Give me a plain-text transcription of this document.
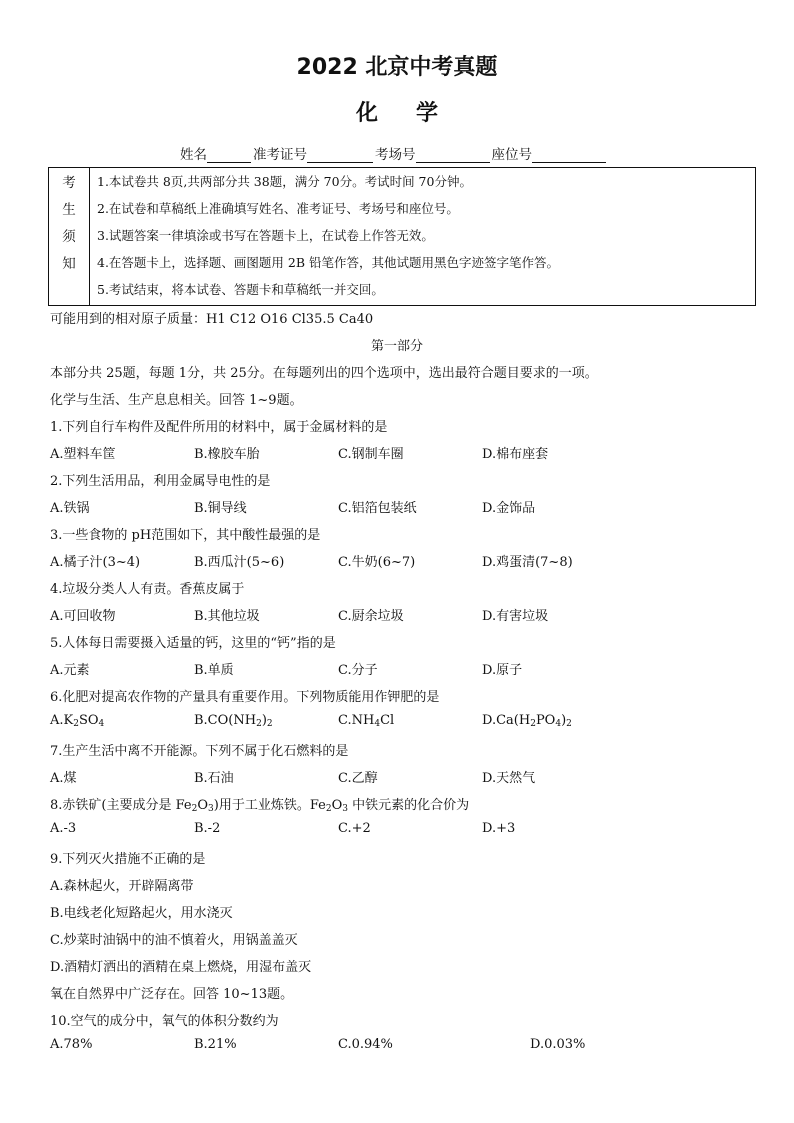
2022 北京中考真题
化学
姓名	准考证号	考场号	座位号
考
生
须
知
1.本试卷共 8页,共两部分共 38题，满分 70分。考试时间 70分钟。
2.在试卷和草稿纸上准确填写姓名、准考证号、考场号和座位号。
3.试题答案一律填涂或书写在答题卡上，在试卷上作答无效。
4.在答题卡上，选择题、画图题用 2B 铅笔作答，其他试题用黑色字迹签字笔作答。
5.考试结束，将本试卷、答题卡和草稿纸一并交回。
可能用到的相对原子质量：H1 C12 O16 Cl35.5 Ca40
第一部分
本部分共 25题，每题 1分，共 25分。在每题列出的四个选项中，选出最符合题目要求的一项。
化学与生活、生产息息相关。回答 1~9题。
1.下列自行车构件及配件所用的材料中，属于金属材料的是
A.塑料车筐	B.橡胶车胎	C.钢制车圈	D.棉布座套
2.下列生活用品，利用金属导电性的是
A.铁锅	B.铜导线	C.铝箔包装纸	D.金饰品
3.一些食物的 pH范围如下，其中酸性最强的是
A.橘子汁(3~4)	B.西瓜汁(5~6)	C.牛奶(6~7)	D.鸡蛋清(7~8)
4.垃圾分类人人有责。香蕉皮属于
A.可回收物	B.其他垃圾	C.厨余垃圾	D.有害垃圾
5.人体每日需要摄入适量的钙，这里的“钙”指的是
A.元素	B.单质	C.分子	D.原子
6.化肥对提高农作物的产量具有重要作用。下列物质能用作钾肥的是
$A.K_2SO_4$	$B.CO(NH_2)_2$	$C.NH_4Cl$	$D.Ca(H_2PO_4)_2$
7.生产生活中离不开能源。下列不属于化石燃料的是
A.煤	B.石油	C.乙醇	D.天然气
8.赤铁矿(主要成分是 $Fe_2O_3$)用于工业炼铁。$Fe_2O_3$ 中铁元素的化合价为
A.-3	B.-2	C.+2	D.+3
9.下列灭火措施不正确的是
A.森林起火，开辟隔离带
B.电线老化短路起火，用水浇灭
C.炒菜时油锅中的油不慎着火，用锅盖盖灭
D.酒精灯洒出的酒精在桌上燃烧，用湿布盖灭
氧在自然界中广泛存在。回答 10~13题。
10.空气的成分中，氧气的体积分数约为
A.78%	B.21%	C.0.94%	D.0.03%
